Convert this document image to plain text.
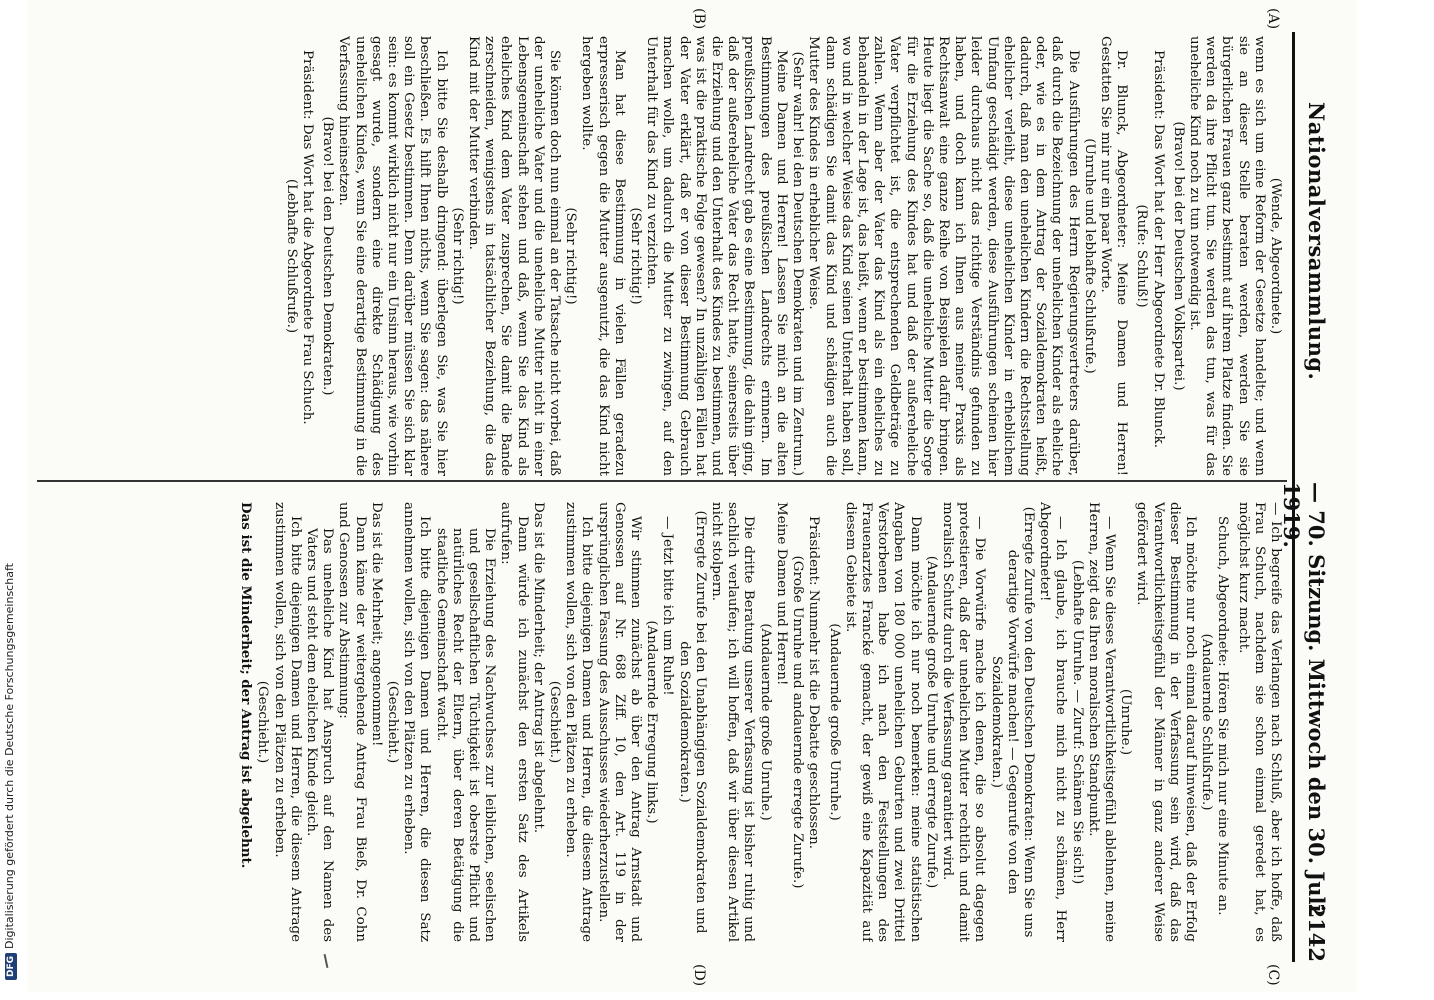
Nationalversammlung.
— 70. Sitzung. Mittwoch den 30. Juli 1919.
2142
(A)
(B)
(C)
(D)

(Wende, Abgeordnete.)

wenn es sich um eine Reform der Gesetze handelte; und wenn sie an dieser Stelle beraten werden, werden Sie sie bürgerlichen Frauen ganz bestimmt auf ihrem Platze finden. Sie werden da ihre Pflicht tun. Sie werden das tun, was für das uneheliche Kind noch zu tun notwendig ist.

(Bravo! bei der Deutschen Volkspartei.)

Präsident: Das Wort hat der Herr Abgeordnete Dr. Blunck.

(Rufe: Schluß!)

Dr. Blunck, Abgeordneter: Meine Damen und Herren! Gestatten Sie mir nur ein paar Worte.

(Unruhe und lebhafte Schlußrufe.)

Die Ausführungen des Herrn Regierungsvertreters darüber, daß durch die Bezeichnung der unehelichen Kinder als eheliche oder, wie es in dem Antrag der Sozialdemokraten heißt, dadurch, daß man den unehelichen Kindern die Rechtsstellung ehelicher verleiht, diese unehelichen Kinder in erheblichem Umfang geschädigt werden, diese Ausführungen scheinen hier leider durchaus nicht das richtige Verständnis gefunden zu haben, und doch kann ich Ihnen aus meiner Praxis als Rechtsanwalt eine ganze Reihe von Beispielen dafür bringen. Heute liegt die Sache so, daß die uneheliche Mutter die Sorge für die Erziehung des Kindes hat und daß der außereheliche Vater verpflichtet ist, die entsprechenden Geldbeträge zu zahlen. Wenn aber der Vater das Kind als ein eheliches zu behandeln in der Lage ist, das heißt, wenn er bestimmen kann, wo und in welcher Weise das Kind seinen Unterhalt haben soll, dann schädigen Sie damit das Kind und schädigen auch die Mutter des Kindes in erheblicher Weise.

(Sehr wahr! bei den Deutschen Demokraten und im Zentrum.)

Meine Damen und Herren! Lassen Sie mich an die alten Bestimmungen des preußischen Landrechts erinnern. Im preußischen Landrecht gab es eine Bestimmung, die dahin ging, daß der außereheliche Vater das Recht hatte, seinerseits über die Erziehung und den Unterhalt des Kindes zu bestimmen, und was ist die praktische Folge gewesen? In unzähligen Fällen hat der Vater erklärt, daß er von dieser Bestimmung Gebrauch machen wolle, um dadurch die Mutter zu zwingen, auf den Unterhalt für das Kind zu verzichten.

(Sehr richtig!)

Man hat diese Bestimmung in vielen Fällen geradezu erpresserisch gegen die Mutter ausgenutzt, die das Kind nicht hergeben wollte.

(Sehr richtig!)

Sie können doch nun einmal an der Tatsache nicht vorbei, daß der uneheliche Vater und die uneheliche Mutter nicht in einer Lebensgemeinschaft stehen und daß, wenn Sie das Kind als eheliches Kind dem Vater zusprechen, Sie damit die Bande zerschneiden, wenigstens in tatsächlicher Beziehung, die das Kind mit der Mutter verbinden.

(Sehr richtig!)

Ich bitte Sie deshalb dringend: überlegen Sie, was Sie hier beschließen. Es hilft Ihnen nichts, wenn Sie sagen: das nähere soll ein Gesetz bestimmen. Denn darüber müssen Sie sich klar sein: es kommt wirklich nicht nur ein Unsinn heraus, wie vorhin gesagt wurde, sondern eine direkte Schädigung des unehelichen Kindes, wenn Sie eine derartige Bestimmung in die Verfassung hineinsetzen.

(Bravo! bei den Deutschen Demokraten.)

Präsident: Das Wort hat die Abgeordnete Frau Schuch.

(Lebhafte Schlußrufe.)

— Ich begreife das Verlangen nach Schluß, aber ich hoffe, daß Frau Schuch, nachdem sie schon einmal geredet hat, es möglichst kurz macht.

Schuch, Abgeordnete: Hören Sie mich nur eine Minute an.

(Andauernde Schlußrufe.)

Ich möchte nur noch einmal darauf hinweisen, daß der Erfolg dieser Bestimmung in der Verfassung sein wird, daß das Verantwortlichkeitsgefühl der Männer in ganz anderer Weise gefördert wird.

(Unruhe.)

— Wenn Sie dieses Verantwortlichkeitsgefühl ablehnen, meine Herren, zeigt das Ihren moralischen Standpunkt.

(Lebhafte Unruhe. — Zuruf: Schämen Sie sich!)

— Ich glaube, ich brauche mich nicht zu schämen, Herr Abgeordneter!

(Erregte Zurufe von den Deutschen Demokraten: Wenn Sie uns derartige Vorwürfe machen! — Gegenrufe von den Sozialdemokraten.)

— Die Vorwürfe mache ich denen, die so absolut dagegen protestieren, daß der unehelichen Mutter rechtlich und damit moralisch Schutz durch die Verfassung garantiert wird.

(Andauernde große Unruhe und erregte Zurufe.)

Dann möchte ich nur noch bemerken: meine statistischen Angaben von 180 000 unehelichen Geburten und zwei Drittel Verstorbenen habe ich nach den Feststellungen des Frauenarztes Francké gemacht, der gewiß eine Kapazität auf diesem Gebiete ist.

(Andauernde große Unruhe.)

Präsident: Nunmehr ist die Debatte geschlossen.

(Große Unruhe und andauernde erregte Zurufe.)

Meine Damen und Herren!

(Andauernde große Unruhe.)

Die dritte Beratung unserer Verfassung ist bisher ruhig und sachlich verlaufen; ich will hoffen, daß wir über diesen Artikel nicht stolpern.

(Erregte Zurufe bei den Unabhängigen Sozialdemokraten und den Sozialdemokraten.)

— Jetzt bitte ich um Ruhe!

(Andauernde Erregung links.)

Wir stimmen zunächst ab über den Antrag Arnstadt und Genossen auf Nr. 688 Ziff. 10, den Art. 119 in der ursprünglichen Fassung des Ausschusses wiederherzustellen.

Ich bitte diejenigen Damen und Herren, die diesem Antrage zustimmen wollen, sich von den Plätzen zu erheben.

(Geschieht.)

Das ist die Minderheit; der Antrag ist abgelehnt.

Dann würde ich zunächst den ersten Satz des Artikels aufrufen:

Die Erziehung des Nachwuchses zur leiblichen, seelischen und gesellschaftlichen Tüchtigkeit ist oberste Pflicht und natürliches Recht der Eltern, über deren Betätigung die staatliche Gemeinschaft wacht.

Ich bitte diejenigen Damen und Herren, die diesen Satz annehmen wollen, sich von den Plätzen zu erheben.

(Geschieht.)

Das ist die Mehrheit; angenommen!

Dann käme der weitergehende Antrag Frau Bieß, Dr. Cohn und Genossen zur Abstimmung:

Das uneheliche Kind hat Anspruch auf den Namen des Vaters und steht dem ehelichen Kinde gleich.

Ich bitte diejenigen Damen und Herren, die diesem Antrage zustimmen wollen, sich von den Plätzen zu erheben.

(Geschieht.)

Das ist die Minderheit; der Antrag ist abgelehnt.

DFGDigitalisierung gefördert durch die Deutsche Forschungsgemeinschaft
